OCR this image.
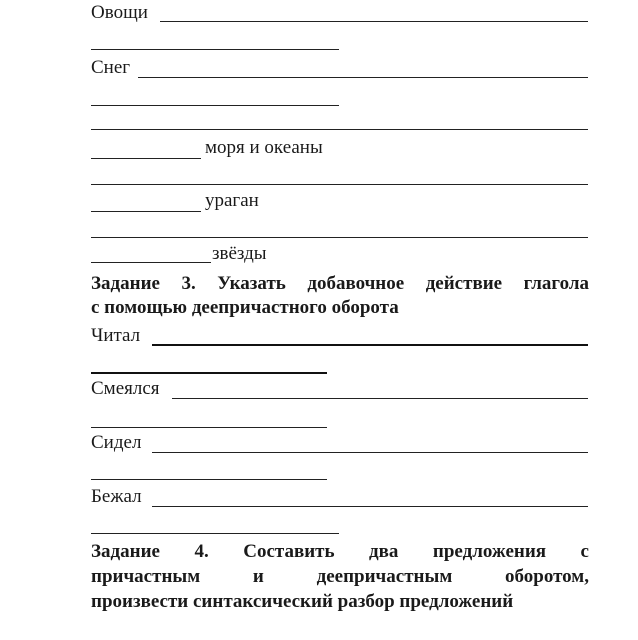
Овощи
Снег
моря и океаны
ураган
звёзды
Задание 3. Указать добавочное действие глагола
с помощью деепричастного оборота
Читал
Смеялся
Сидел
Бежал
Задание 4. Составить два предложения с
причастным и деепричастным оборотом,
произвести синтаксический разбор предложений
